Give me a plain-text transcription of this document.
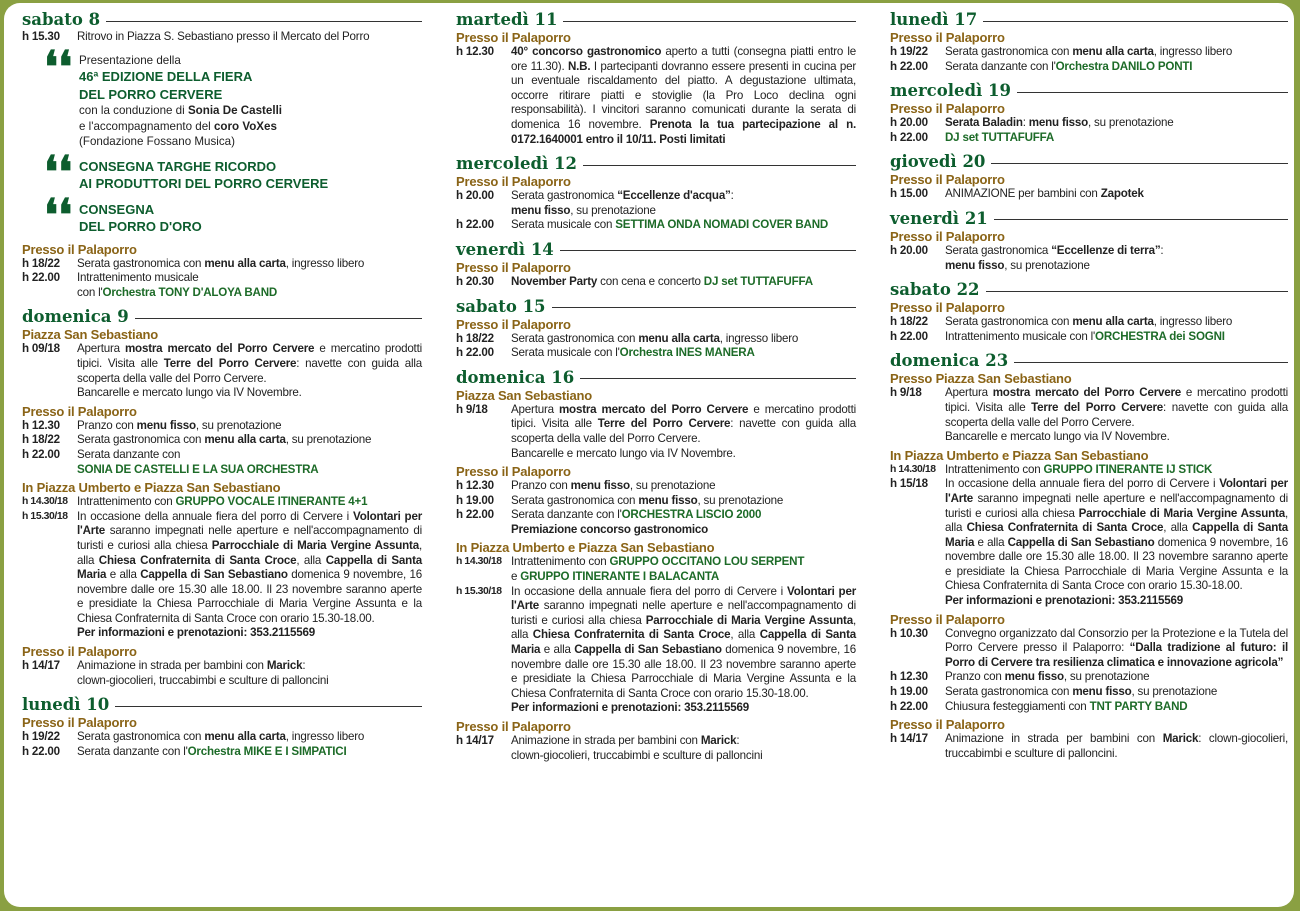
sabato 8
h 15.30	Ritrovo in Piazza S. Sebastiano presso il Mercato del Porro
❛❛ Presentazione della
46ª EDIZIONE DELLA FIERA
DEL PORRO CERVERE
con la conduzione di Sonia De Castelli
e l'accompagnamento del coro VoXes
(Fondazione Fossano Musica)
❛❛ CONSEGNA TARGHE RICORDO
AI PRODUTTORI DEL PORRO CERVERE
❛❛ CONSEGNA
DEL PORRO D'ORO
Presso il Palaporro
h 18/22	Serata gastronomica con menu alla carta, ingresso libero
h 22.00	Intrattenimento musicale
con l'Orchestra TONY D'ALOYA BAND
domenica 9
Piazza San Sebastiano
h 09/18	Apertura mostra mercato del Porro Cervere e mercatino prodotti tipici. Visita alle Terre del Porro Cervere: navette con guida alla scoperta della valle del Porro Cervere.
Bancarelle e mercato lungo via IV Novembre.
Presso il Palaporro
h 12.30	Pranzo con menu fisso, su prenotazione
h 18/22	Serata gastronomica con menu alla carta, su prenotazione
h 22.00	Serata danzante con
SONIA DE CASTELLI E LA SUA ORCHESTRA
In Piazza Umberto e Piazza San Sebastiano
h 14.30/18 Intrattenimento con GRUPPO VOCALE ITINERANTE 4+1
h 15.30/18 In occasione della annuale fiera del porro di Cervere i Volontari per l'Arte saranno impegnati nelle aperture e nell'accompagnamento di turisti e curiosi alla chiesa Parrocchiale di Maria Vergine Assunta, alla Chiesa Confraternita di Santa Croce, alla Cappella di Santa Maria e alla Cappella di San Sebastiano domenica 9 novembre, 16 novembre dalle ore 15.30 alle 18.00. Il 23 novembre saranno aperte e presidiate la Chiesa Parrocchiale di Maria Vergine Assunta e la Chiesa Confraternita di Santa Croce con orario 15.30-18.00.
Per informazioni e prenotazioni: 353.2115569
Presso il Palaporro
h 14/17	Animazione in strada per bambini con Marick:
clown-giocolieri, truccabimbi e sculture di palloncini
lunedì 10
Presso il Palaporro
h 19/22	Serata gastronomica con menu alla carta, ingresso libero
h 22.00	Serata danzante con l'Orchestra MIKE E I SIMPATICI
martedì 11
Presso il Palaporro
h 12.30	40° concorso gastronomico aperto a tutti (consegna piatti entro le ore 11.30). N.B. I partecipanti dovranno essere presenti in cucina per un eventuale riscaldamento del piatto. A degustazione ultimata, occorre ritirare piatti e stoviglie (la Pro Loco declina ogni responsabilità). I vincitori saranno comunicati durante la serata di domenica 16 novembre. Prenota la tua partecipazione al n. 0172.1640001 entro il 10/11. Posti limitati
mercoledì 12
Presso il Palaporro
h 20.00	Serata gastronomica “Eccellenze d'acqua”:
menu fisso, su prenotazione
h 22.00	Serata musicale con SETTIMA ONDA NOMADI COVER BAND
venerdì 14
Presso il Palaporro
h 20.30	November Party con cena e concerto DJ set TUTTAFUFFA
sabato 15
Presso il Palaporro
h 18/22	Serata gastronomica con menu alla carta, ingresso libero
h 22.00	Serata musicale con l'Orchestra INES MANERA
domenica 16
Piazza San Sebastiano
h 9/18	Apertura mostra mercato del Porro Cervere e mercatino prodotti tipici. Visita alle Terre del Porro Cervere: navette con guida alla scoperta della valle del Porro Cervere.
Bancarelle e mercato lungo via IV Novembre.
Presso il Palaporro
h 12.30	Pranzo con menu fisso, su prenotazione
h 19.00	Serata gastronomica con menu fisso, su prenotazione
h 22.00	Serata danzante con l'ORCHESTRA LISCIO 2000
Premiazione concorso gastronomico
In Piazza Umberto e Piazza San Sebastiano
h 14.30/18 Intrattenimento con GRUPPO OCCITANO LOU SERPENT
e GRUPPO ITINERANTE I BALACANTA
h 15.30/18 In occasione della annuale fiera del porro di Cervere i Volontari per l'Arte saranno impegnati nelle aperture e nell'accompagnamento di turisti e curiosi alla chiesa Parrocchiale di Maria Vergine Assunta, alla Chiesa Confraternita di Santa Croce, alla Cappella di Santa Maria e alla Cappella di San Sebastiano domenica 9 novembre, 16 novembre dalle ore 15.30 alle 18.00. Il 23 novembre saranno aperte e presidiate la Chiesa Parrocchiale di Maria Vergine Assunta e la Chiesa Confraternita di Santa Croce con orario 15.30-18.00.
Per informazioni e prenotazioni: 353.2115569
Presso il Palaporro
h 14/17	Animazione in strada per bambini con Marick:
clown-giocolieri, truccabimbi e sculture di palloncini
lunedì 17
Presso il Palaporro
h 19/22	Serata gastronomica con menu alla carta, ingresso libero
h 22.00	Serata danzante con l'Orchestra DANILO PONTI
mercoledì 19
Presso il Palaporro
h 20.00	Serata Baladin: menu fisso, su prenotazione
h 22.00	DJ set TUTTAFUFFA
giovedì 20
Presso il Palaporro
h 15.00	ANIMAZIONE per bambini con Zapotek
venerdì 21
Presso il Palaporro
h 20.00	Serata gastronomica “Eccellenze di terra”:
menu fisso, su prenotazione
sabato 22
Presso il Palaporro
h 18/22	Serata gastronomica con menu alla carta, ingresso libero
h 22.00	Intrattenimento musicale con l'ORCHESTRA dei SOGNI
domenica 23
Presso Piazza San Sebastiano
h 9/18	Apertura mostra mercato del Porro Cervere e mercatino prodotti tipici. Visita alle Terre del Porro Cervere: navette con guida alla scoperta della valle del Porro Cervere.
Bancarelle e mercato lungo via IV Novembre.
In Piazza Umberto e Piazza San Sebastiano
h 14.30/18 Intrattenimento con GRUPPO ITINERANTE IJ STICK
h 15/18	In occasione della annuale fiera del porro di Cervere i Volontari per l'Arte saranno impegnati nelle aperture e nell'accompagnamento di turisti e curiosi alla chiesa Parrocchiale di Maria Vergine Assunta, alla Chiesa Confraternita di Santa Croce, alla Cappella di Santa Maria e alla Cappella di San Sebastiano domenica 9 novembre, 16 novembre dalle ore 15.30 alle 18.00. Il 23 novembre saranno aperte e presidiate la Chiesa Parrocchiale di Maria Vergine Assunta e la Chiesa Confraternita di Santa Croce con orario 15.30-18.00.
Per informazioni e prenotazioni: 353.2115569
Presso il Palaporro
h 10.30	Convegno organizzato dal Consorzio per la Protezione e la Tutela del Porro Cervere presso il Palaporro: “Dalla tradizione al futuro: il Porro di Cervere tra resilienza climatica e innovazione agricola”
h 12.30	Pranzo con menu fisso, su prenotazione
h 19.00	Serata gastronomica con menu fisso, su prenotazione
h 22.00	Chiusura festeggiamenti con TNT PARTY BAND
Presso il Palaporro
h 14/17	Animazione in strada per bambini con Marick: clown-giocolieri, truccabimbi e sculture di palloncini.
